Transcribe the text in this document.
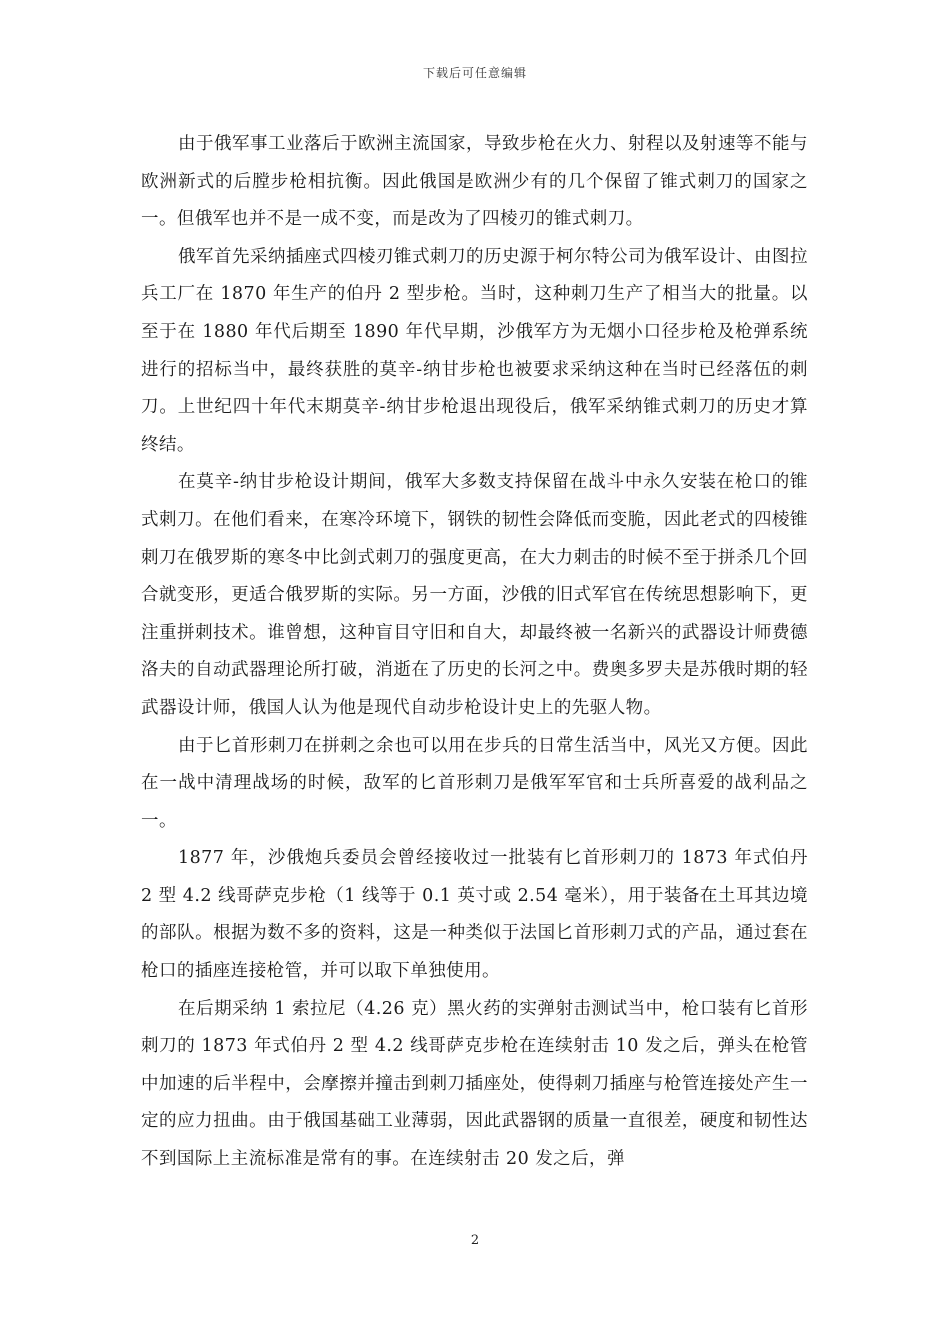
下载后可任意编辑

由于俄军事工业落后于欧洲主流国家，导致步枪在火力、射程以及射速等不能与欧洲新式的后膛步枪相抗衡。因此俄国是欧洲少有的几个保留了锥式刺刀的国家之一。但俄军也并不是一成不变，而是改为了四棱刃的锥式刺刀。

俄军首先采纳插座式四棱刃锥式刺刀的历史源于柯尔特公司为俄军设计、由图拉兵工厂在 1870 年生产的伯丹 2 型步枪。当时，这种刺刀生产了相当大的批量。以至于在 1880 年代后期至 1890 年代早期，沙俄军方为无烟小口径步枪及枪弹系统进行的招标当中，最终获胜的莫辛-纳甘步枪也被要求采纳这种在当时已经落伍的刺刀。上世纪四十年代末期莫辛-纳甘步枪退出现役后，俄军采纳锥式刺刀的历史才算终结。

在莫辛-纳甘步枪设计期间，俄军大多数支持保留在战斗中永久安装在枪口的锥式刺刀。在他们看来，在寒冷环境下，钢铁的韧性会降低而变脆，因此老式的四棱锥刺刀在俄罗斯的寒冬中比剑式刺刀的强度更高，在大力刺击的时候不至于拼杀几个回合就变形，更适合俄罗斯的实际。另一方面，沙俄的旧式军官在传统思想影响下，更注重拼刺技术。谁曾想，这种盲目守旧和自大，却最终被一名新兴的武器设计师费德洛夫的自动武器理论所打破，消逝在了历史的长河之中。费奥多罗夫是苏俄时期的轻武器设计师，俄国人认为他是现代自动步枪设计史上的先驱人物。

由于匕首形刺刀在拼刺之余也可以用在步兵的日常生活当中，风光又方便。因此在一战中清理战场的时候，敌军的匕首形刺刀是俄军军官和士兵所喜爱的战利品之一。

1877 年，沙俄炮兵委员会曾经接收过一批装有匕首形刺刀的 1873 年式伯丹 2 型 4.2 线哥萨克步枪（1 线等于 0.1 英寸或 2.54 毫米），用于装备在土耳其边境的部队。根据为数不多的资料，这是一种类似于法国匕首形刺刀式的产品，通过套在枪口的插座连接枪管，并可以取下单独使用。

在后期采纳 1 索拉尼（4.26 克）黑火药的实弹射击测试当中，枪口装有匕首形刺刀的 1873 年式伯丹 2 型 4.2 线哥萨克步枪在连续射击 10 发之后，弹头在枪管中加速的后半程中，会摩擦并撞击到刺刀插座处，使得刺刀插座与枪管连接处产生一定的应力扭曲。由于俄国基础工业薄弱，因此武器钢的质量一直很差，硬度和韧性达不到国际上主流标准是常有的事。在连续射击 20 发之后，弹

2
